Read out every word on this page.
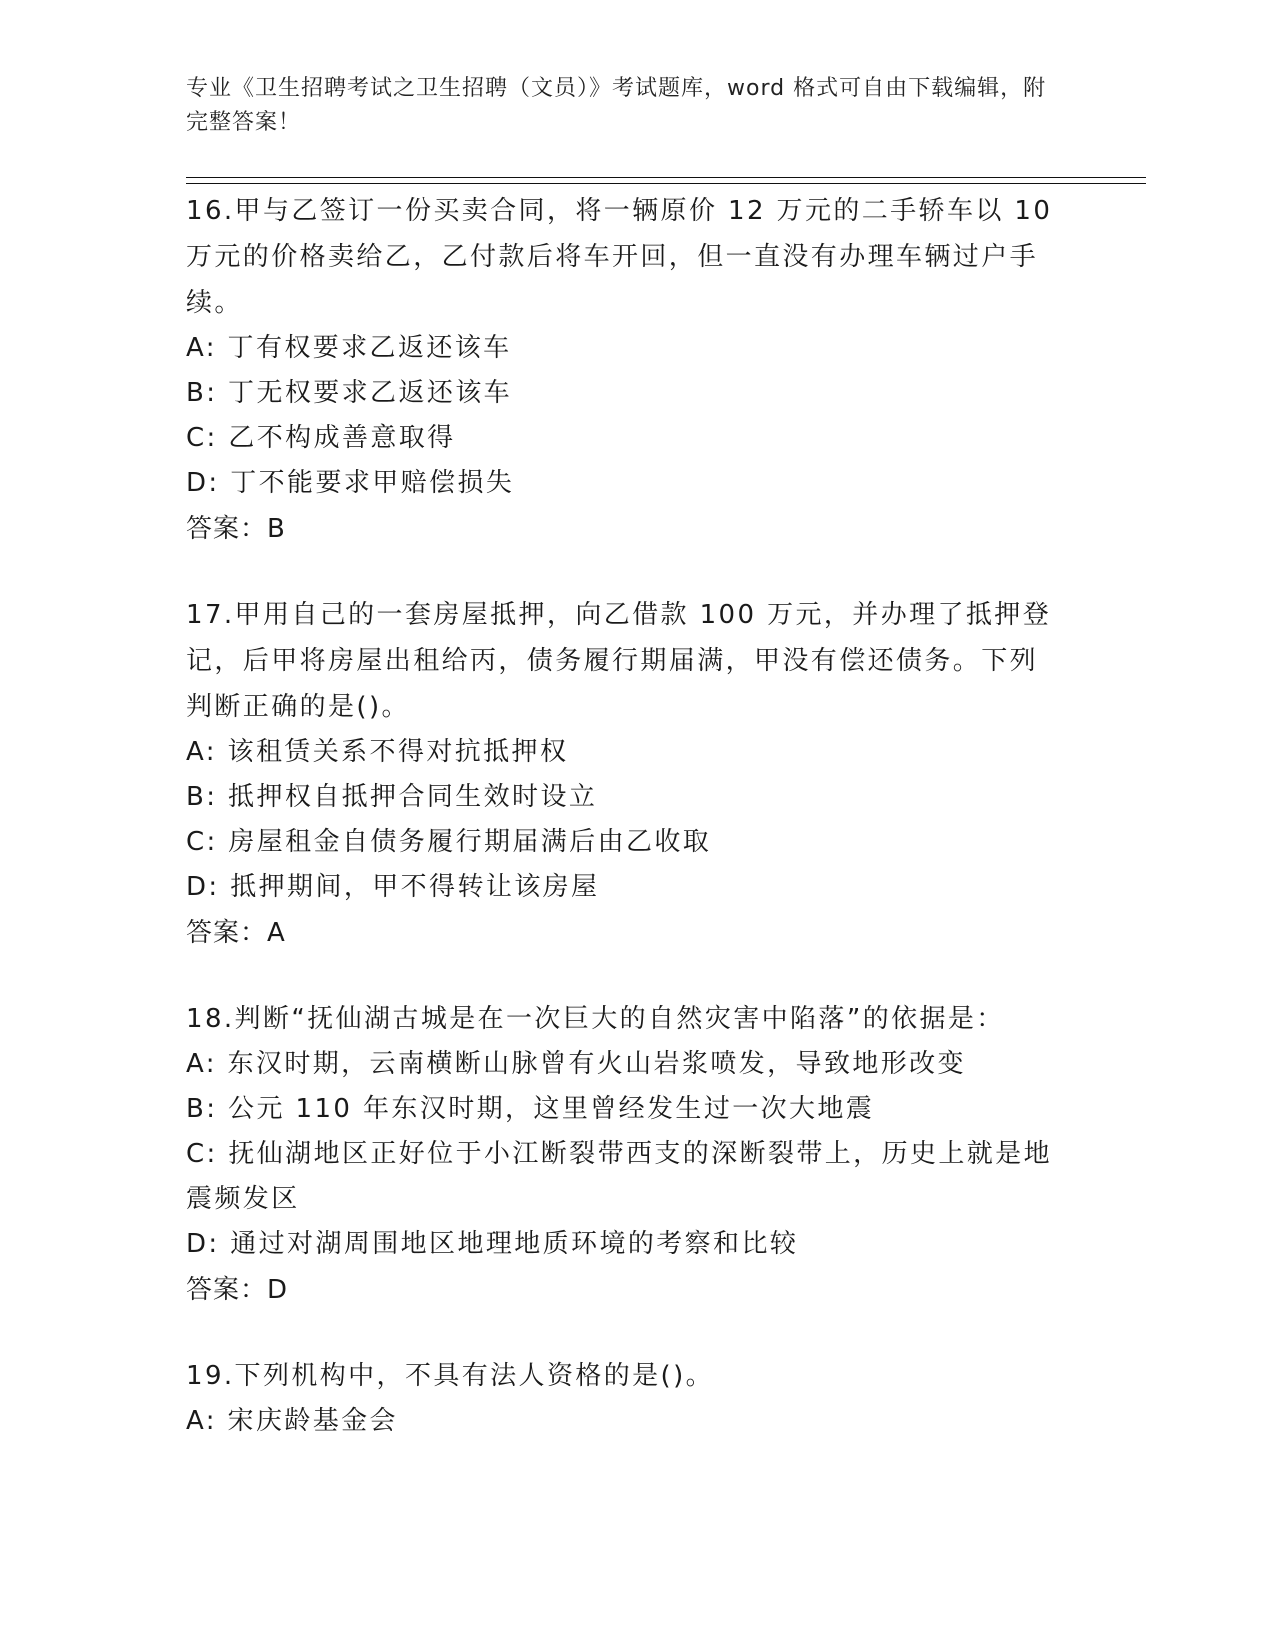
专业《卫生招聘考试之卫生招聘（文员）》考试题库，word 格式可自由下载编辑，附完整答案！

16.甲与乙签订一份买卖合同，将一辆原价 12 万元的二手轿车以 10 万元的价格卖给乙，乙付款后将车开回，但一直没有办理车辆过户手续。

A: 丁有权要求乙返还该车

B: 丁无权要求乙返还该车

C: 乙不构成善意取得

D: 丁不能要求甲赔偿损失

答案：B

17.甲用自己的一套房屋抵押，向乙借款 100 万元，并办理了抵押登记，后甲将房屋出租给丙，债务履行期届满，甲没有偿还债务。下列判断正确的是()。

A: 该租赁关系不得对抗抵押权

B: 抵押权自抵押合同生效时设立

C: 房屋租金自债务履行期届满后由乙收取

D: 抵押期间，甲不得转让该房屋

答案：A

18.判断“抚仙湖古城是在一次巨大的自然灾害中陷落”的依据是：

A: 东汉时期，云南横断山脉曾有火山岩浆喷发，导致地形改变

B: 公元 110 年东汉时期，这里曾经发生过一次大地震

C: 抚仙湖地区正好位于小江断裂带西支的深断裂带上，历史上就是地震频发区

D: 通过对湖周围地区地理地质环境的考察和比较

答案：D

19.下列机构中，不具有法人资格的是()。

A: 宋庆龄基金会
